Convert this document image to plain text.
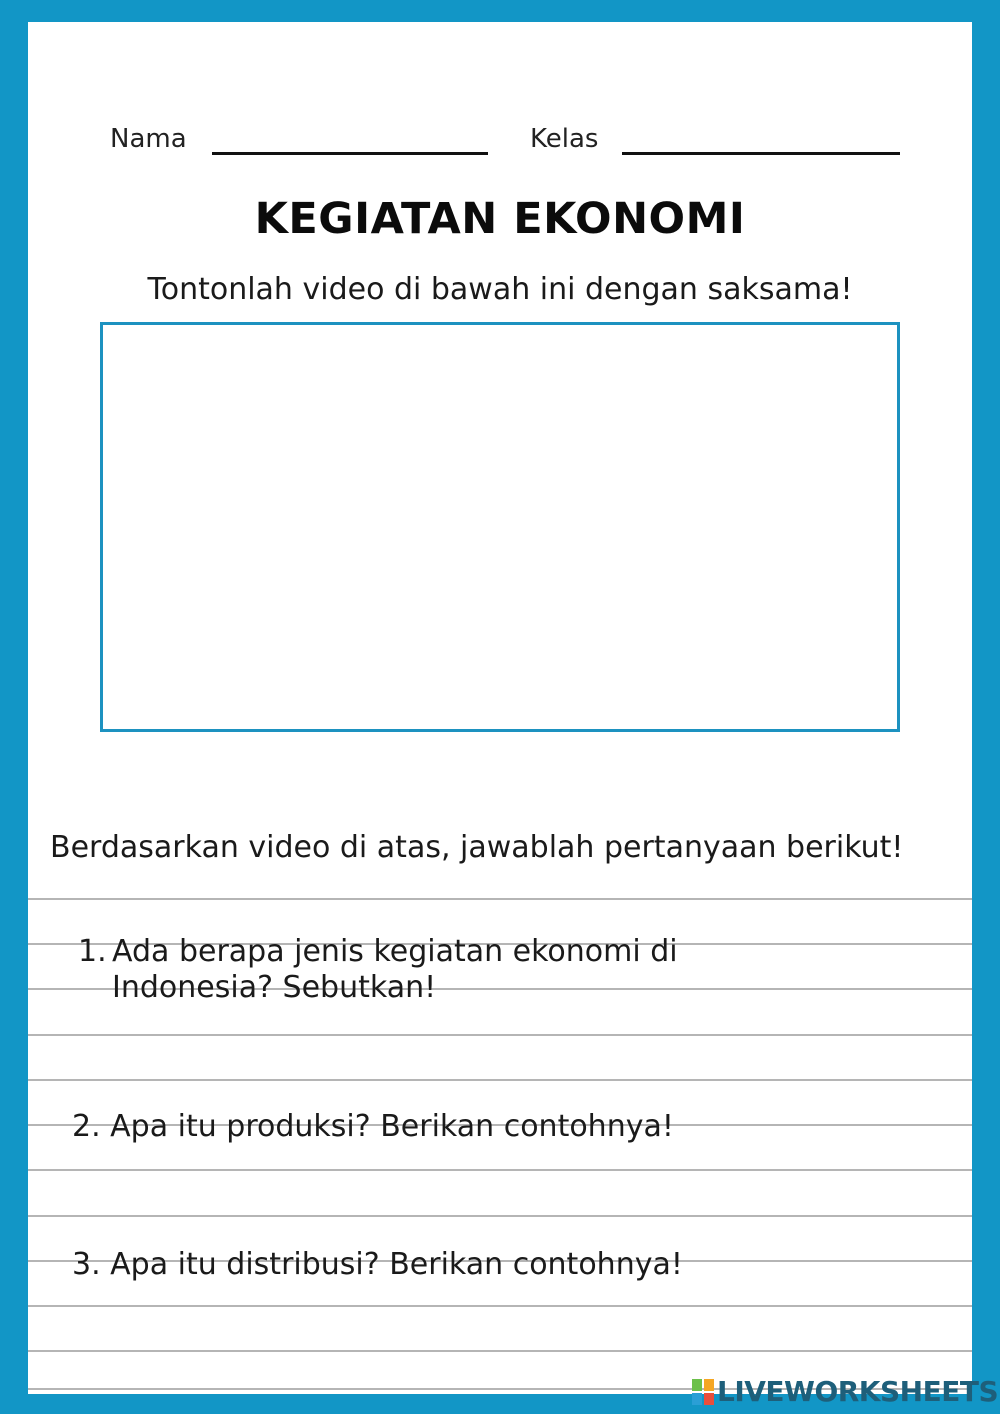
Nama	Kelas
KEGIATAN EKONOMI
Tontonlah video di bawah ini dengan saksama!
Berdasarkan video di atas, jawablah pertanyaan berikut!
1. Ada berapa jenis kegiatan ekonomi di
Indonesia? Sebutkan!
2. Apa itu produksi? Berikan contohnya!
3. Apa itu distribusi? Berikan contohnya!
LIVEWORKSHEETS
